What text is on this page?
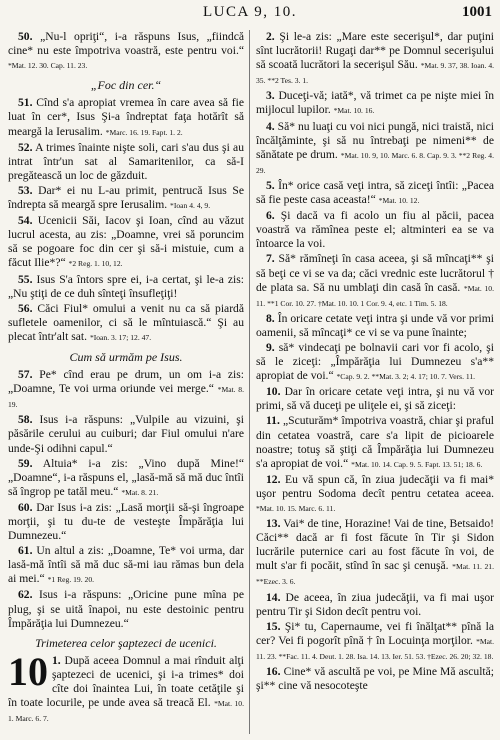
LUCA 9, 10.	1001
50. „Nu-l opriţi“, i-a răspuns Isus, „fiindcă cine* nu este împotriva voastră, este pentru voi.“ *Mat. 12. 30. Cap. 11. 23.
„Foc din cer.“
51. Cînd s'a apropiat vremea în care avea să fie luat în cer*, Isus Şi-a îndreptat faţa hotărît să meargă la Ierusalim. *Marc. 16. 19. Fapt. 1. 2.
52. A trimes înainte nişte soli, cari s'au dus şi au intrat într'un sat al Samaritenilor, ca să-I pregătească un loc de găzduit.
53. Dar* ei nu L-au primit, pentrucă Isus Se îndrepta să meargă spre Ierusalim. *Ioan 4. 4, 9.
54. Ucenicii Săi, Iacov şi Ioan, cînd au văzut lucrul acesta, au zis: „Doamne, vrei să poruncim să se pogoare foc din cer şi să-i mistuie, cum a făcut Ilie*?“ *2 Reg. 1. 10, 12.
55. Isus S'a întors spre ei, i-a certat, şi le-a zis: „Nu ştiţi de ce duh sînteţi însufleţiţi!
56. Căci Fiul* omului a venit nu ca să piardă sufletele oamenilor, ci să le mîntuiască.“ Şi au plecat într'alt sat. *Ioan. 3. 17; 12. 47.
Cum să urmăm pe Isus.
57. Pe* cînd erau pe drum, un om i-a zis: „Doamne, Te voi urma oriunde vei merge.“ *Mat. 8. 19.
58. Isus i-a răspuns: „Vulpile au vizuini, şi păsările cerului au cuiburi; dar Fiul omului n'are unde-Şi odihni capul.“
59. Altuia* i-a zis: „Vino după Mine!“ „Doamne“, i-a răspuns el, „lasă-mă să mă duc întîi să îngrop pe tatăl meu.“ *Mat. 8. 21.
60. Dar Isus i-a zis: „Lasă morţii să-şi îngroape morţii, şi tu du-te de vesteşte Împărăţia lui Dumnezeu.“
61. Un altul a zis: „Doamne, Te* voi urma, dar lasă-mă întîi să mă duc să-mi iau rămas bun dela ai mei.“ *1 Reg. 19. 20.
62. Isus i-a răspuns: „Oricine pune mîna pe plug, şi se uită înapoi, nu este destoinic pentru Împărăţia lui Dumnezeu.“
Trimeterea celor şaptezeci de ucenici.
10 1. După aceea Domnul a mai rînduit alţi şaptezeci de ucenici, şi i-a trimes* doi cîte doi înaintea Lui, în toate cetăţile şi în toate locurile, pe unde avea să treacă El. *Mat. 10. 1. Marc. 6. 7.
2. Şi le-a zis: „Mare este secerişul*, dar puţini sînt lucrătorii! Rugaţi dar** pe Domnul secerişului să scoată lucrători la secerişul Său. *Mat. 9. 37, 38. Ioan. 4. 35. **2 Tes. 3. 1.
3. Duceţi-vă; iată*, vă trimet ca pe nişte miei în mijlocul lupilor. *Mat. 10. 16.
4. Să* nu luaţi cu voi nici pungă, nici traistă, nici încălţăminte, şi să nu întrebaţi pe nimeni** de sănătate pe drum. *Mat. 10. 9, 10. Marc. 6. 8. Cap. 9. 3. **2 Reg. 4. 29.
5. În* orice casă veţi intra, să ziceţi întîi: „Pacea să fie peste casa aceasta!“ *Mat. 10. 12.
6. Şi dacă va fi acolo un fiu al păcii, pacea voastră va rămînea peste el; altminteri ea se va întoarce la voi.
7. Să* rămîneţi în casa aceea, şi să mîncaţi** şi să beţi ce vi se va da; căci vrednic este lucrătorul † de plata sa. Să nu umblaţi din casă în casă. *Mat. 10. 11. **1 Cor. 10. 27. †Mat. 10. 10. 1 Cor. 9. 4, etc. 1 Tim. 5. 18.
8. În oricare cetate veţi intra şi unde vă vor primi oamenii, să mîncaţi* ce vi se va pune înainte;
9. să* vindecaţi pe bolnavii cari vor fi acolo, şi să le ziceţi: „Împărăţia lui Dumnezeu s'a** apropiat de voi.“ *Cap. 9. 2. **Mat. 3. 2; 4. 17; 10. 7. Vers. 11.
10. Dar în oricare cetate veţi intra, şi nu vă vor primi, să vă duceţi pe uliţele ei, şi să ziceţi:
11. „Scuturăm* împotriva voastră, chiar şi praful din cetatea voastră, care s'a lipit de picioarele noastre; totuş să ştiţi că Împărăţia lui Dumnezeu s'a apropiat de voi.“ *Mat. 10. 14. Cap. 9. 5. Fapt. 13. 51; 18. 6.
12. Eu vă spun că, în ziua judecăţii va fi mai* uşor pentru Sodoma decît pentru cetatea aceea. *Mat. 10. 15. Marc. 6. 11.
13. Vai* de tine, Horazine! Vai de tine, Betsaido! Căci** dacă ar fi fost făcute în Tir şi Sidon lucrările puternice cari au fost făcute în voi, de mult s'ar fi pocăit, stînd în sac şi cenuşă. *Mat. 11. 21. **Ezec. 3. 6.
14. De aceea, în ziua judecăţii, va fi mai uşor pentru Tir şi Sidon decît pentru voi.
15. Şi* tu, Capernaume, vei fi înălţat** pînă la cer? Vei fi pogorît pînă † în Locuinţa morţilor. *Mat. 11. 23. **Fac. 11. 4. Deut. 1. 28. Isa. 14. 13. Ier. 51. 53. †Ezec. 26. 20; 32. 18.
16. Cine* vă ascultă pe voi, pe Mine Mă ascultă; şi** cine vă nesocoteşte
